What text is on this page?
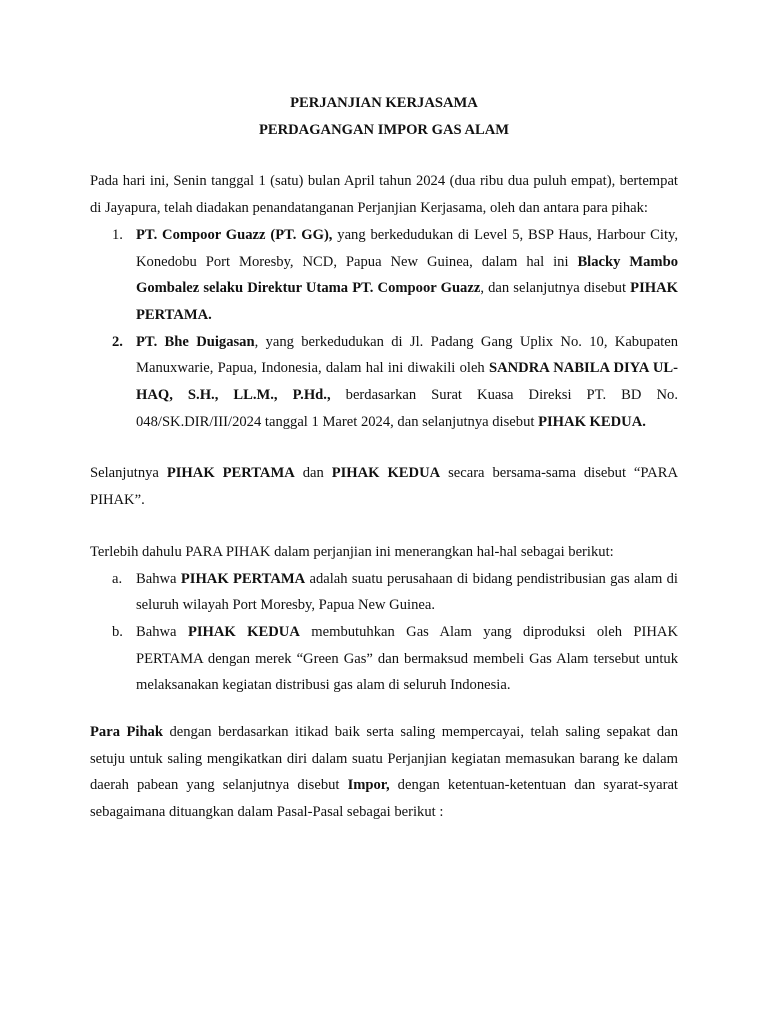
PERJANJIAN KERJASAMA

PERDAGANGAN IMPOR GAS ALAM

Pada hari ini, Senin tanggal 1 (satu) bulan April tahun 2024 (dua ribu dua puluh empat), bertempat di Jayapura, telah diadakan penandatanganan Perjanjian Kerjasama, oleh dan antara para pihak:

1. PT. Compoor Guazz (PT. GG), yang berkedudukan di Level 5, BSP Haus, Harbour City, Konedobu Port Moresby, NCD, Papua New Guinea, dalam hal ini Blacky Mambo Gombalez selaku Direktur Utama PT. Compoor Guazz, dan selanjutnya disebut PIHAK PERTAMA.
2. PT. Bhe Duigasan, yang berkedudukan di Jl. Padang Gang Uplix No. 10, Kabupaten Manuxwarie, Papua, Indonesia, dalam hal ini diwakili oleh SANDRA NABILA DIYA UL-HAQ, S.H., LL.M., P.Hd., berdasarkan Surat Kuasa Direksi PT. BD No. 048/SK.DIR/III/2024 tanggal 1 Maret 2024, dan selanjutnya disebut PIHAK KEDUA.

Selanjutnya PIHAK PERTAMA dan PIHAK KEDUA secara bersama-sama disebut “PARA PIHAK”.

Terlebih dahulu PARA PIHAK dalam perjanjian ini menerangkan hal-hal sebagai berikut:

a. Bahwa PIHAK PERTAMA adalah suatu perusahaan di bidang pendistribusian gas alam di seluruh wilayah Port Moresby, Papua New Guinea.
b. Bahwa PIHAK KEDUA membutuhkan Gas Alam yang diproduksi oleh PIHAK PERTAMA dengan merek “Green Gas” dan bermaksud membeli Gas Alam tersebut untuk melaksanakan kegiatan distribusi gas alam di seluruh Indonesia.

Para Pihak dengan berdasarkan itikad baik serta saling mempercayai, telah saling sepakat dan setuju untuk saling mengikatkan diri dalam suatu Perjanjian kegiatan memasukan barang ke dalam daerah pabean yang selanjutnya disebut Impor, dengan ketentuan-ketentuan dan syarat-syarat sebagaimana dituangkan dalam Pasal-Pasal sebagai berikut :
